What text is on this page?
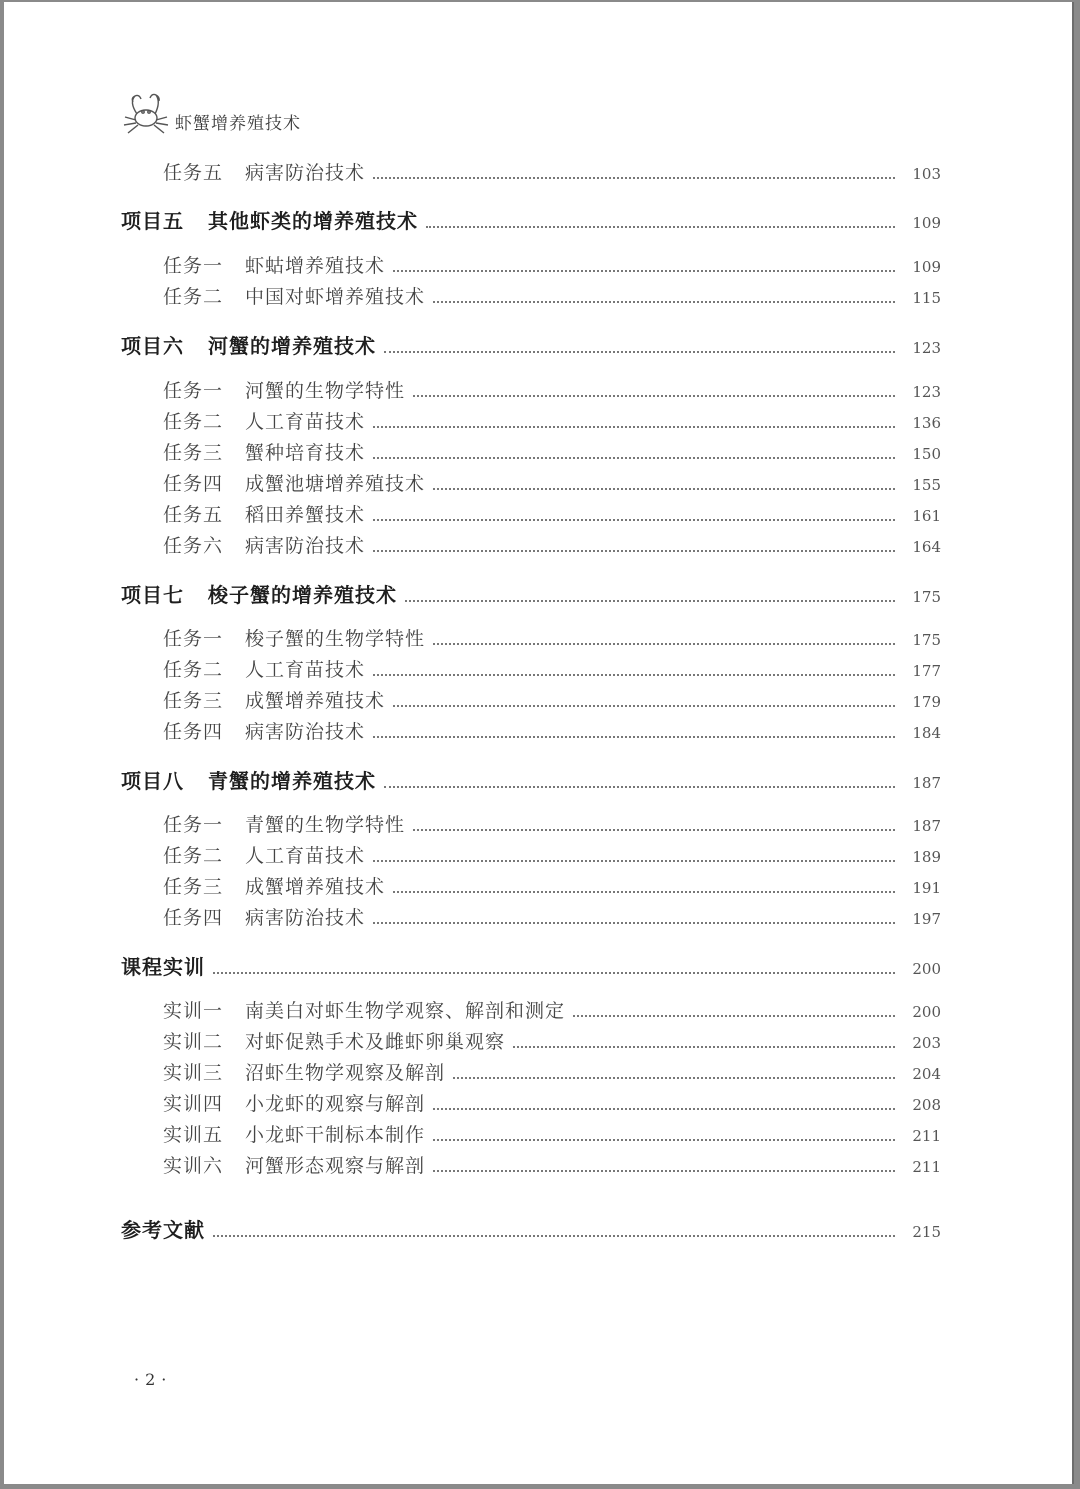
虾蟹增养殖技术
任务五	病害防治技术	103
项目五 其他虾类的增养殖技术	109
任务一	虾蛄增养殖技术	109
任务二	中国对虾增养殖技术	115
项目六 河蟹的增养殖技术	123
任务一	河蟹的生物学特性	123
任务二	人工育苗技术	136
任务三	蟹种培育技术	150
任务四	成蟹池塘增养殖技术	155
任务五	稻田养蟹技术	161
任务六	病害防治技术	164
项目七 梭子蟹的增养殖技术	175
任务一	梭子蟹的生物学特性	175
任务二	人工育苗技术	177
任务三	成蟹增养殖技术	179
任务四	病害防治技术	184
项目八 青蟹的增养殖技术	187
任务一	青蟹的生物学特性	187
任务二	人工育苗技术	189
任务三	成蟹增养殖技术	191
任务四	病害防治技术	197
课程实训	200
实训一	南美白对虾生物学观察、解剖和测定	200
实训二	对虾促熟手术及雌虾卵巢观察	203
实训三	沼虾生物学观察及解剖	204
实训四	小龙虾的观察与解剖	208
实训五	小龙虾干制标本制作	211
实训六	河蟹形态观察与解剖	211
参考文献	215
·2·
